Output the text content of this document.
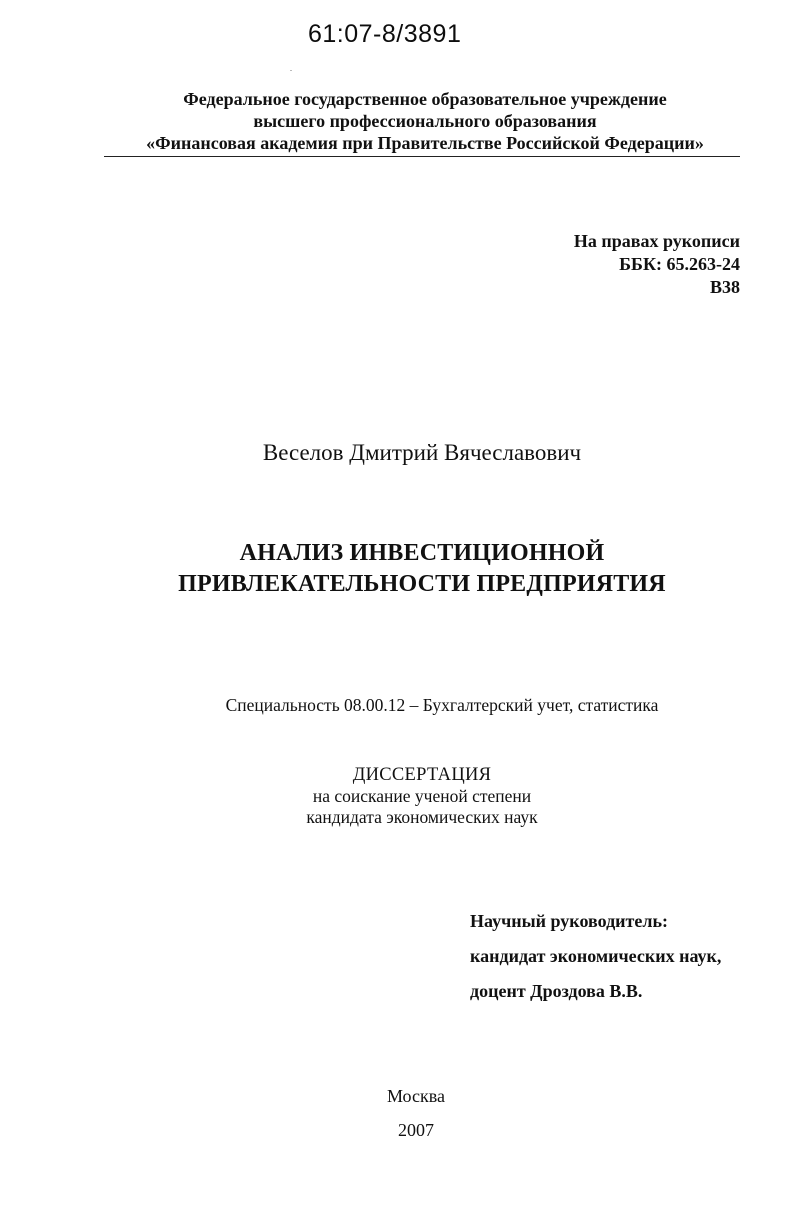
61:07-8/3891
Федеральное государственное образовательное учреждение
высшего профессионального образования
«Финансовая академия при Правительстве Российской Федерации»
На правах рукописи
ББК: 65.263-24
В38
Веселов Дмитрий Вячеславович
АНАЛИЗ ИНВЕСТИЦИОННОЙ
ПРИВЛЕКАТЕЛЬНОСТИ ПРЕДПРИЯТИЯ
Специальность 08.00.12 – Бухгалтерский учет, статистика
ДИССЕРТАЦИЯ
на соискание ученой степени
кандидата экономических наук
Научный руководитель:
кандидат экономических наук,
доцент Дроздова В.В.
Москва
2007
